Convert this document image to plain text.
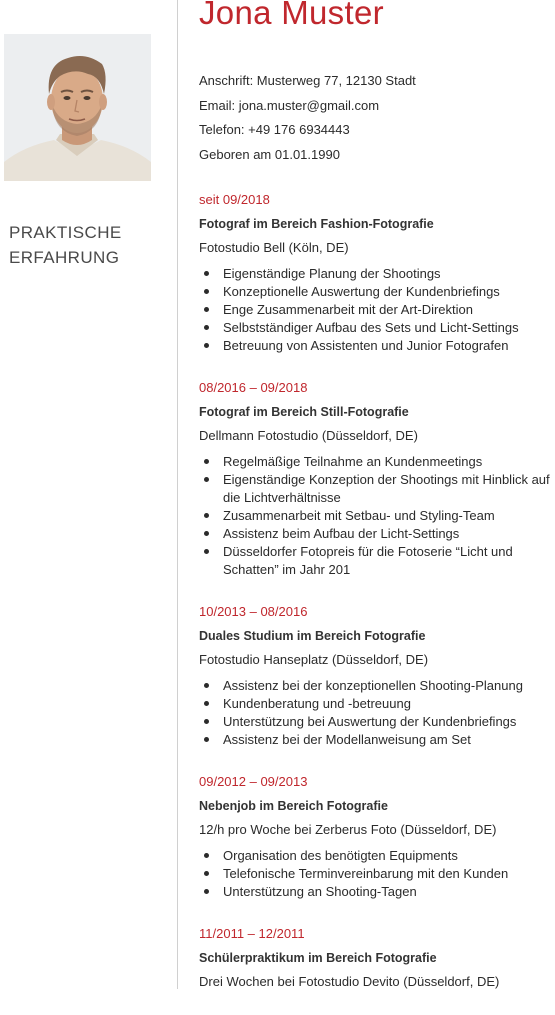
Jona Muster
Anschrift: Musterweg 77, 12130 Stadt
Email: jona.muster@gmail.com
Telefon: +49 176 6934443
Geboren am 01.01.1990
PRAKTISCHE
ERFAHRUNG
seit 09/2018
Fotograf im Bereich Fashion-Fotografie
Fotostudio Bell (Köln, DE)
Eigenständige Planung der Shootings
Konzeptionelle Auswertung der Kundenbriefings
Enge Zusammenarbeit mit der Art-Direktion
Selbstständiger Aufbau des Sets und Licht-Settings
Betreuung von Assistenten und Junior Fotografen
08/2016 – 09/2018
Fotograf im Bereich Still-Fotografie
Dellmann Fotostudio (Düsseldorf, DE)
Regelmäßige Teilnahme an Kundenmeetings
Eigenständige Konzeption der Shootings mit Hinblick auf die Lichtverhältnisse
Zusammenarbeit mit Setbau- und Styling-Team
Assistenz beim Aufbau der Licht-Settings
Düsseldorfer Fotopreis für die Fotoserie “Licht und Schatten” im Jahr 201
10/2013 – 08/2016
Duales Studium im Bereich Fotografie
Fotostudio Hanseplatz (Düsseldorf, DE)
Assistenz bei der konzeptionellen Shooting-Planung
Kundenberatung und -betreuung
Unterstützung bei Auswertung der Kundenbriefings
Assistenz bei der Modellanweisung am Set
09/2012 – 09/2013
Nebenjob im Bereich Fotografie
12/h pro Woche bei Zerberus Foto (Düsseldorf, DE)
Organisation des benötigten Equipments
Telefonische Terminvereinbarung mit den Kunden
Unterstützung an Shooting-Tagen
11/2011 – 12/2011
Schülerpraktikum im Bereich Fotografie
Drei Wochen bei Fotostudio Devito (Düsseldorf, DE)
